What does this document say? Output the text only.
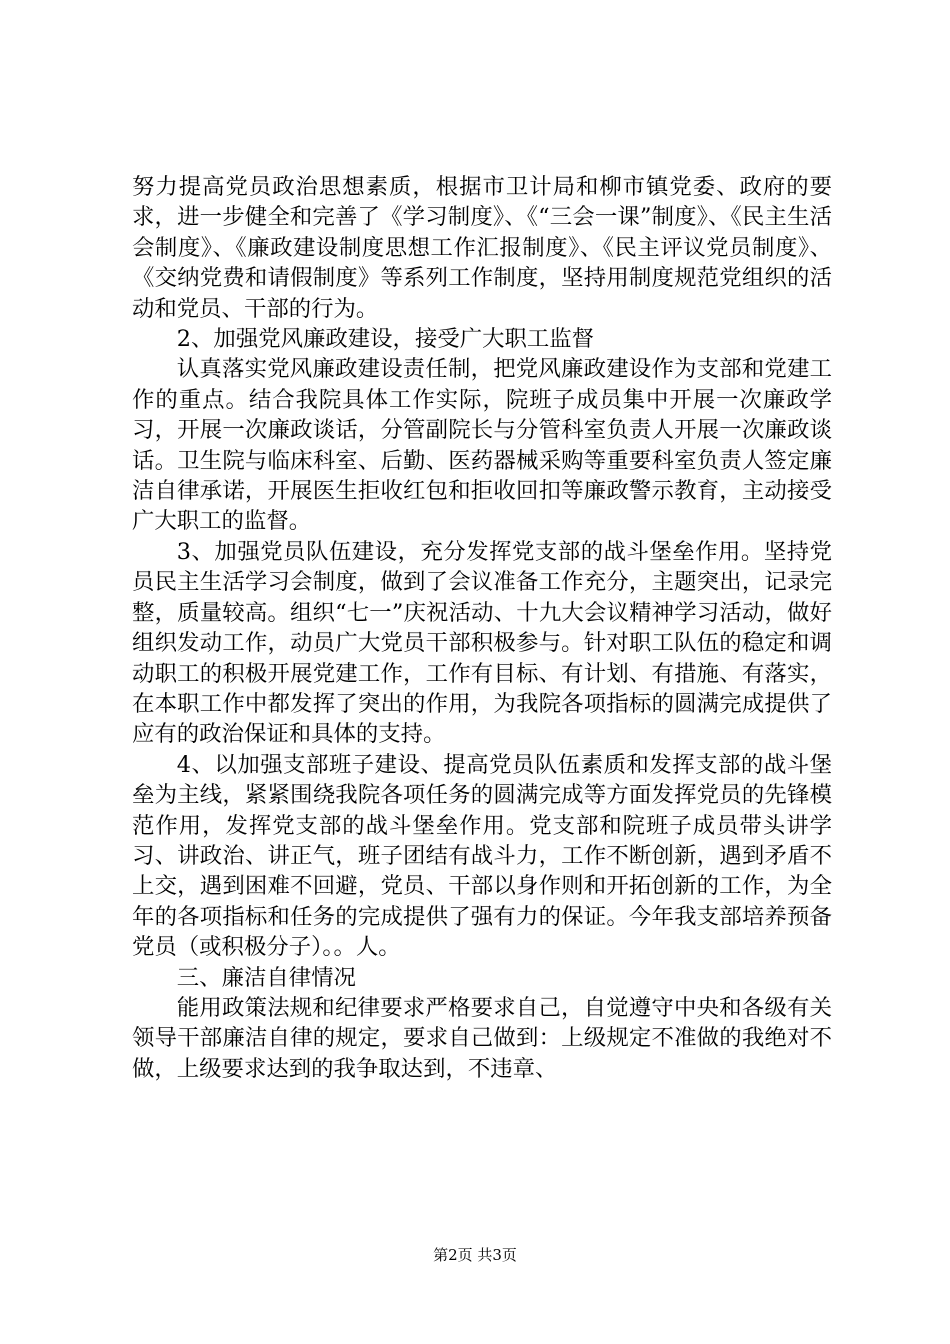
努力提高党员政治思想素质，根据市卫计局和柳市镇党委、政府的要求，进一步健全和完善了《学习制度》、《“三会一课”制度》、《民主生活会制度》、《廉政建设制度思想工作汇报制度》、《民主评议党员制度》、《交纳党费和请假制度》等系列工作制度，坚持用制度规范党组织的活动和党员、干部的行为。

2、加强党风廉政建设，接受广大职工监督

认真落实党风廉政建设责任制，把党风廉政建设作为支部和党建工作的重点。结合我院具体工作实际，院班子成员集中开展一次廉政学习，开展一次廉政谈话，分管副院长与分管科室负责人开展一次廉政谈话。卫生院与临床科室、后勤、医药器械采购等重要科室负责人签定廉洁自律承诺，开展医生拒收红包和拒收回扣等廉政警示教育，主动接受广大职工的监督。

3、加强党员队伍建设，充分发挥党支部的战斗堡垒作用。坚持党员民主生活学习会制度，做到了会议准备工作充分，主题突出，记录完整，质量较高。组织“七一”庆祝活动、十九大会议精神学习活动，做好组织发动工作，动员广大党员干部积极参与。针对职工队伍的稳定和调动职工的积极开展党建工作，工作有目标、有计划、有措施、有落实，在本职工作中都发挥了突出的作用，为我院各项指标的圆满完成提供了应有的政治保证和具体的支持。

4、以加强支部班子建设、提高党员队伍素质和发挥支部的战斗堡垒为主线，紧紧围绕我院各项任务的圆满完成等方面发挥党员的先锋模范作用，发挥党支部的战斗堡垒作用。党支部和院班子成员带头讲学习、讲政治、讲正气，班子团结有战斗力，工作不断创新，遇到矛盾不上交，遇到困难不回避，党员、干部以身作则和开拓创新的工作，为全年的各项指标和任务的完成提供了强有力的保证。今年我支部培养预备党员（或积极分子）。。人。

三、廉洁自律情况

能用政策法规和纪律要求严格要求自己，自觉遵守中央和各级有关领导干部廉洁自律的规定，要求自己做到：上级规定不准做的我绝对不做，上级要求达到的我争取达到，不违章、

第2页 共3页
